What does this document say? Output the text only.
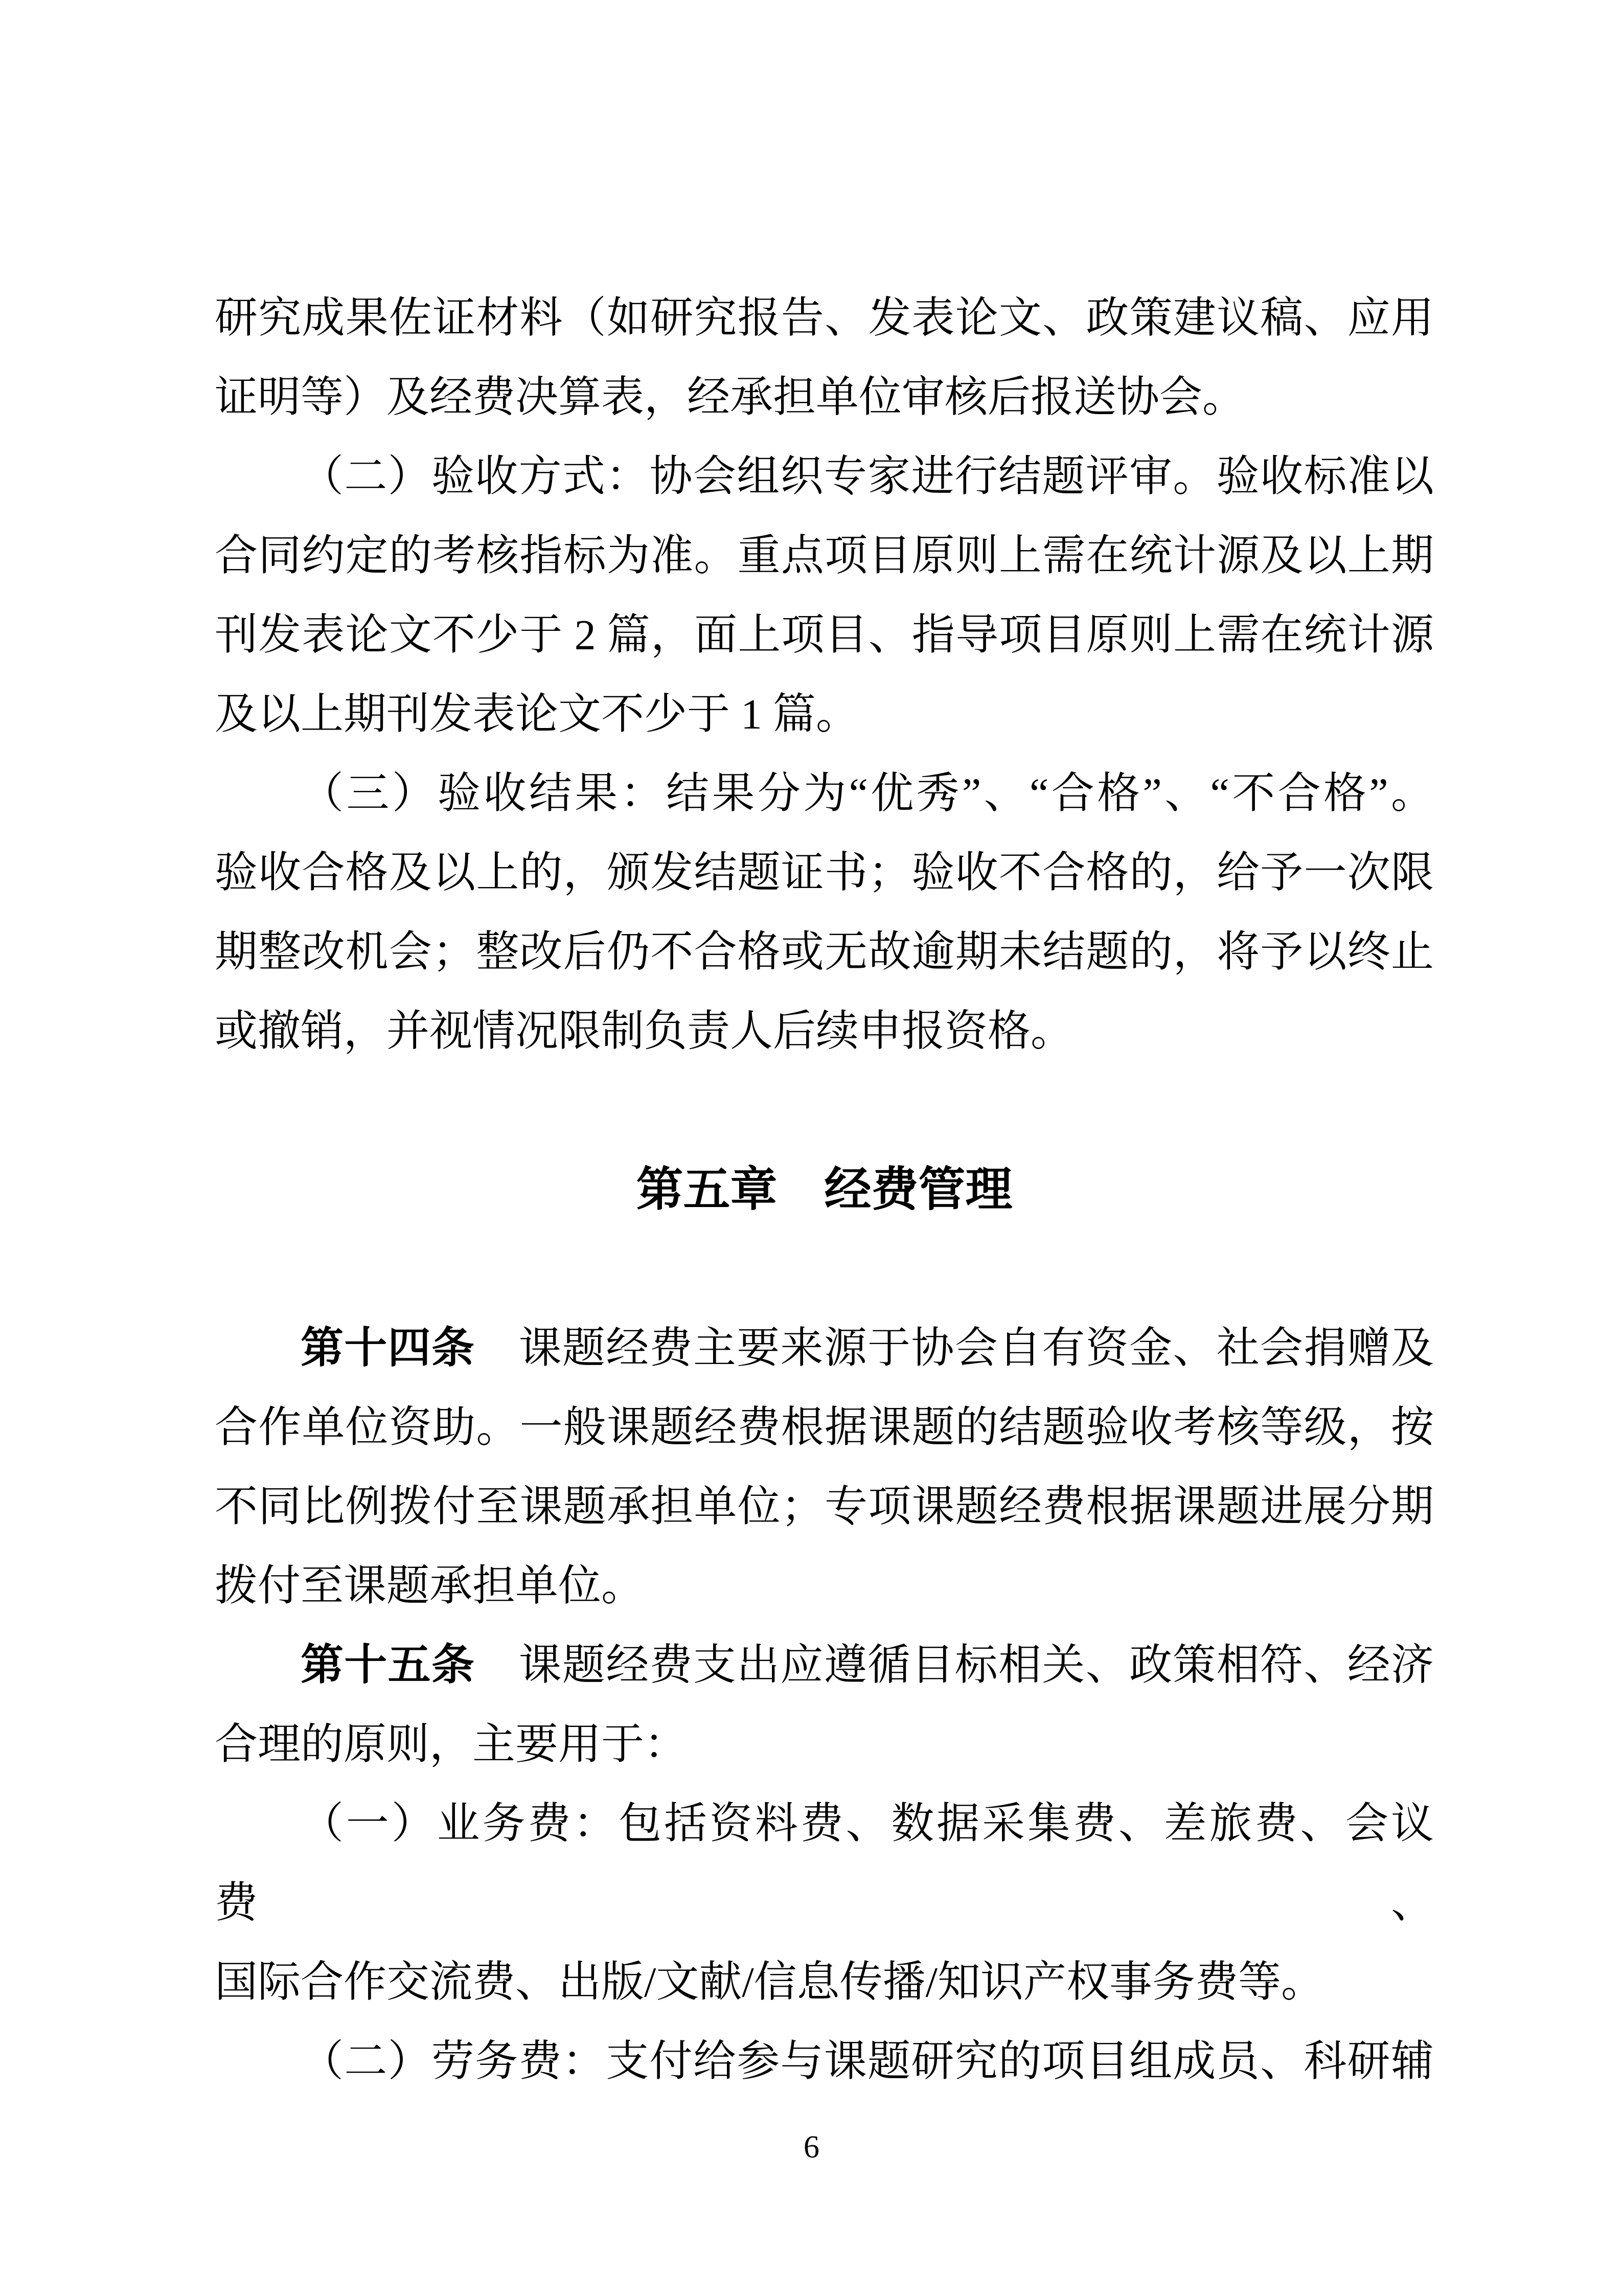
研究成果佐证材料（如研究报告、发表论文、政策建议稿、应用
证明等）及经费决算表，经承担单位审核后报送协会。
（二）验收方式：协会组织专家进行结题评审。验收标准以
合同约定的考核指标为准。重点项目原则上需在统计源及以上期
刊发表论文不少于 2 篇，面上项目、指导项目原则上需在统计源
及以上期刊发表论文不少于 1 篇。
（三）验收结果：结果分为“优秀”、“合格”、“不合格”。
验收合格及以上的，颁发结题证书；验收不合格的，给予一次限
期整改机会；整改后仍不合格或无故逾期未结题的，将予以终止
或撤销，并视情况限制负责人后续申报资格。
第五章　经费管理
第十四条　课题经费主要来源于协会自有资金、社会捐赠及
合作单位资助。一般课题经费根据课题的结题验收考核等级，按
不同比例拨付至课题承担单位；专项课题经费根据课题进展分期
拨付至课题承担单位。
第十五条　课题经费支出应遵循目标相关、政策相符、经济
合理的原则，主要用于：
（一）业务费：包括资料费、数据采集费、差旅费、会议费、
国际合作交流费、出版/文献/信息传播/知识产权事务费等。
（二）劳务费：支付给参与课题研究的项目组成员、科研辅
6
